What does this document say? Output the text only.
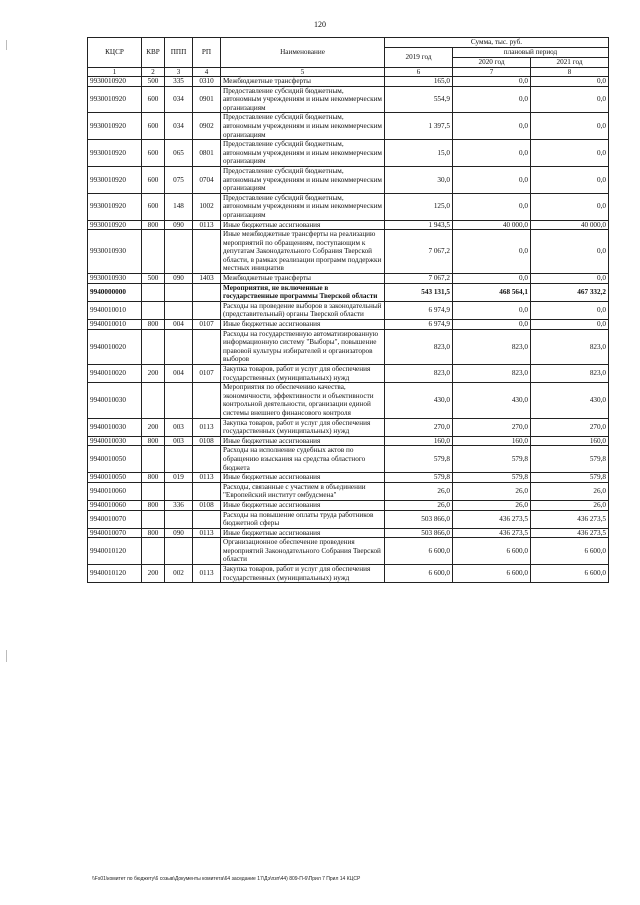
120
КЦСР	КВР	ППП	РП	Наименование	Сумма, тыс. руб.		
					2019 год	плановый период	
						2020 год	2021 год
1	2	3	4	5	6	7	8
9930010920	500	335	0310	Межбюджетные трансферты	165,0	0,0	0,0
9930010920	600	034	0901	Предоставление субсидий бюджетным, автономным учреждениям и иным некоммерческим организациям	554,9	0,0	0,0
9930010920	600	034	0902	Предоставление субсидий бюджетным, автономным учреждениям и иным некоммерческим организациям	1 397,5	0,0	0,0
9930010920	600	065	0801	Предоставление субсидий бюджетным, автономным учреждениям и иным некоммерческим организациям	15,0	0,0	0,0
9930010920	600	075	0704	Предоставление субсидий бюджетным, автономным учреждениям и иным некоммерческим организациям	30,0	0,0	0,0
9930010920	600	148	1002	Предоставление субсидий бюджетным, автономным учреждениям и иным некоммерческим организациям	125,0	0,0	0,0
9930010920	800	090	0113	Иные бюджетные ассигнования	1 943,5	40 000,0	40 000,0
9930010930				Иные межбюджетные трансферты на реализацию мероприятий по обращениям, поступающим к депутатам Законодательного Собрания Тверской области, в рамках реализации программ поддержки местных инициатив	7 067,2	0,0	0,0
9930010930	500	090	1403	Межбюджетные трансферты	7 067,2	0,0	0,0
9940000000				Мероприятия, не включенные в государственные программы Тверской области	543 131,5	468 564,1	467 332,2
9940010010				Расходы на проведение выборов в законодательный (представительный) органы Тверской области	6 974,9	0,0	0,0
9940010010	800	004	0107	Иные бюджетные ассигнования	6 974,9	0,0	0,0
9940010020				Расходы на государственную автоматизированную информационную систему "Выборы", повышение правовой культуры избирателей и организаторов выборов	823,0	823,0	823,0
9940010020	200	004	0107	Закупка товаров, работ и услуг для обеспечения государственных (муниципальных) нужд	823,0	823,0	823,0
9940010030				Мероприятия по обеспечению качества, экономичности, эффективности и объективности контрольной деятельности, организации единой системы внешнего финансового контроля	430,0	430,0	430,0
9940010030	200	003	0113	Закупка товаров, работ и услуг для обеспечения государственных (муниципальных) нужд	270,0	270,0	270,0
9940010030	800	003	0108	Иные бюджетные ассигнования	160,0	160,0	160,0
9940010050				Расходы на исполнение судебных актов по обращению взыскания на средства областного бюджета	579,8	579,8	579,8
9940010050	800	019	0113	Иные бюджетные ассигнования	579,8	579,8	579,8
9940010060				Расходы, связанные с участием в объединении "Европейский институт омбудсмена"	26,0	26,0	26,0
9940010060	800	336	0108	Иные бюджетные ассигнования	26,0	26,0	26,0
9940010070				Расходы на повышение оплаты труда работников бюджетной сферы	503 866,0	436 273,5	436 273,5
9940010070	800	090	0113	Иные бюджетные ассигнования	503 866,0	436 273,5	436 273,5
9940010120				Организационное обеспечение проведения мероприятий Законодательного Собрания Тверской области	6 600,0	6 600,0	6 600,0
9940010120	200	002	0113	Закупка товаров, работ и услуг для обеспечения государственных (муниципальных) нужд	6 600,0	6 600,0	6 600,0
\\Fs01\комитет по бюджету\6 созыв\Документы комитета\64 заседание 17\Дэ\пзп\44) 809-П-6\Прил 7 Прил 14 КЦСР
